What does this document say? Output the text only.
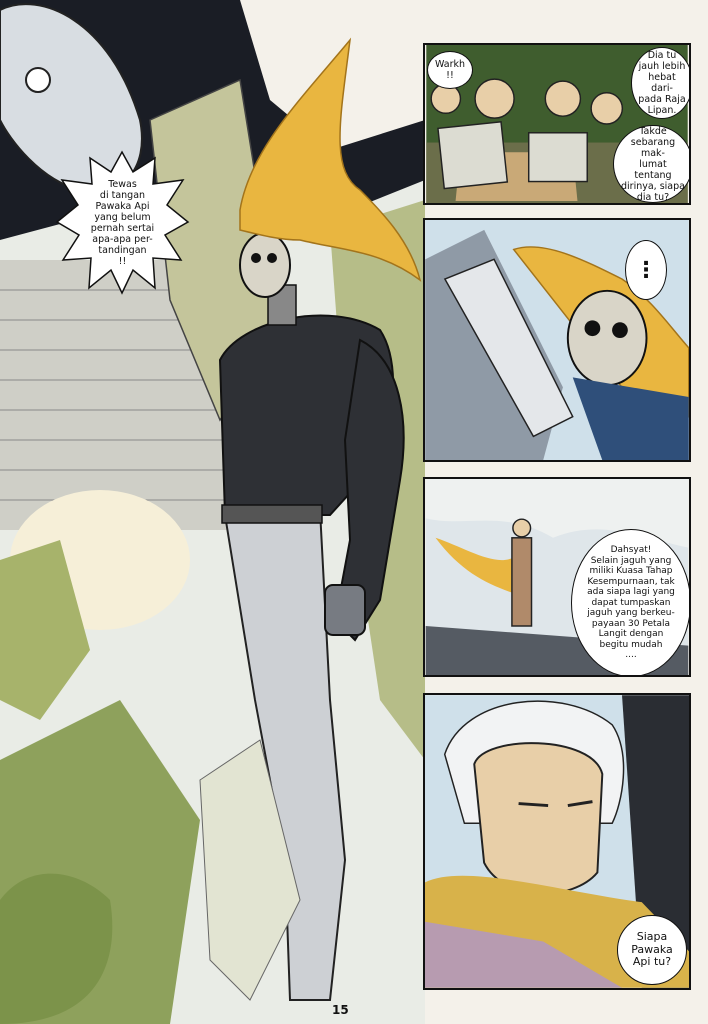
Tewas
di tangan
Pawaka Api
yang belum
pernah sertai
apa-apa per-
tandingan
!!
Warkh
!!
Dia tu
jauh lebih
hebat dari-
pada Raja
Lipan.
Takde
sebarang mak-
lumat tentang
dirinya, siapa
dia tu?
⋮
Dahsyat!
Selain jaguh yang
miliki Kuasa Tahap
Kesempurnaan, tak
ada siapa lagi yang
dapat tumpaskan
jaguh yang berkeu-
payaan 30 Petala
Langit dengan
begitu mudah
....
Siapa
Pawaka
Api tu?
15
